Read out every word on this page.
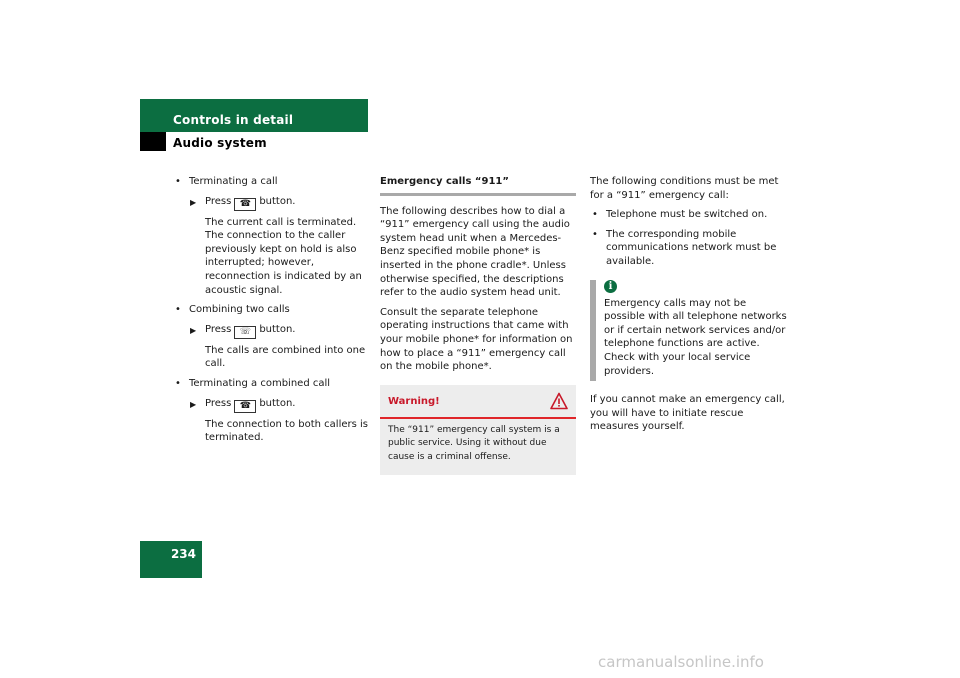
Controls in detail
Audio system
• Terminating a call
▶ Press ☎ button.
The current call is terminated. The connection to the caller previously kept on hold is also interrupted; however, reconnection is indicated by an acoustic signal.
• Combining two calls
▶ Press ☏ button.
The calls are combined into one call.
• Terminating a combined call
▶ Press ☎ button.
The connection to both callers is terminated.
Emergency calls “911”
The following describes how to dial a “911” emergency call using the audio system head unit when a Mercedes-Benz specified mobile phone* is inserted in the phone cradle*. Unless otherwise specified, the descriptions refer to the audio system head unit.
Consult the separate telephone operating instructions that came with your mobile phone* for information on how to place a “911” emergency call on the mobile phone*.
Warning!
The “911” emergency call system is a public service. Using it without due cause is a criminal offense.
The following conditions must be met for a “911” emergency call:
• Telephone must be switched on.
• The corresponding mobile communications network must be available.
i
Emergency calls may not be possible with all telephone networks or if certain network services and/or telephone functions are active. Check with your local service providers.
If you cannot make an emergency call, you will have to initiate rescue measures yourself.
234
carmanualsonline.info
